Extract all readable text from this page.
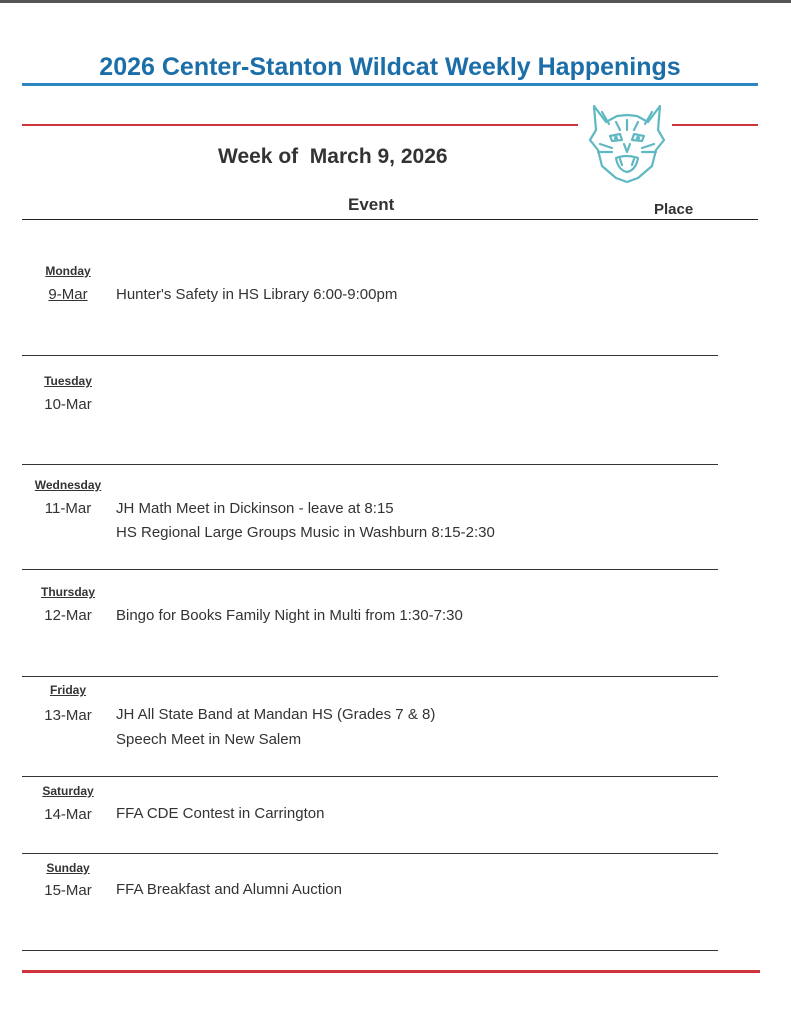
2026 Center-Stanton Wildcat Weekly Happenings
Week of  March 9, 2026
Event	Place
Monday
9-Mar	Hunter's Safety in HS Library 6:00-9:00pm
Tuesday
10-Mar
Wednesday
11-Mar	JH Math Meet in Dickinson - leave at 8:15
HS Regional Large Groups Music in Washburn 8:15-2:30
Thursday
12-Mar	Bingo for Books Family Night in Multi from 1:30-7:30
Friday
13-Mar	JH All State Band at Mandan HS (Grades 7 & 8)
Speech Meet in New Salem
Saturday
14-Mar	FFA CDE Contest in Carrington
Sunday
15-Mar	FFA Breakfast and Alumni Auction
